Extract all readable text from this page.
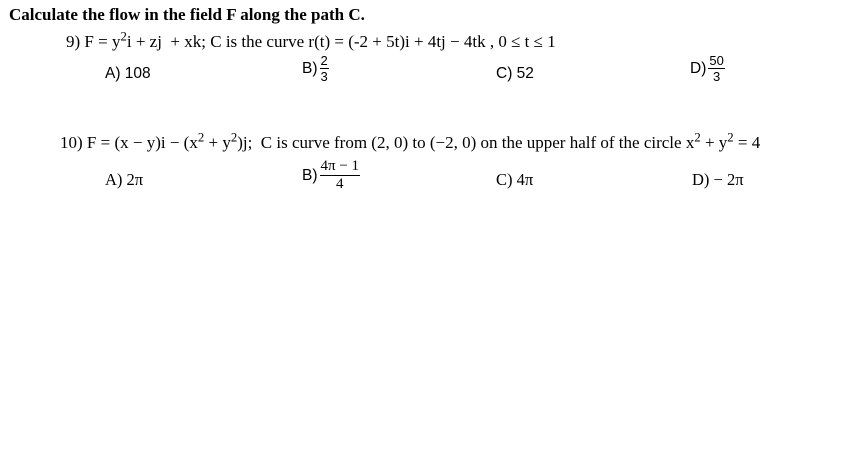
Calculate the flow in the field F along the path C.
9) $F = y^2i$ + zj  + xk; C is the curve r(t) = (-2 + 5t)i + 4tj − 4tk , 0 ≤ t ≤ 1
A) 108	$B) \frac{2}{3}$	C) 52	$D) \frac{50}{3}$
10) $F = (x - y)i - (x^2 + y^2)j$;  C is curve from (2, 0) to (−2, 0) on the upper half of the circle $x^2 + y^2 = 4$
A) 2π	$B) \frac{4\pi - 1}{4}$	C) 4π	D) − 2π
